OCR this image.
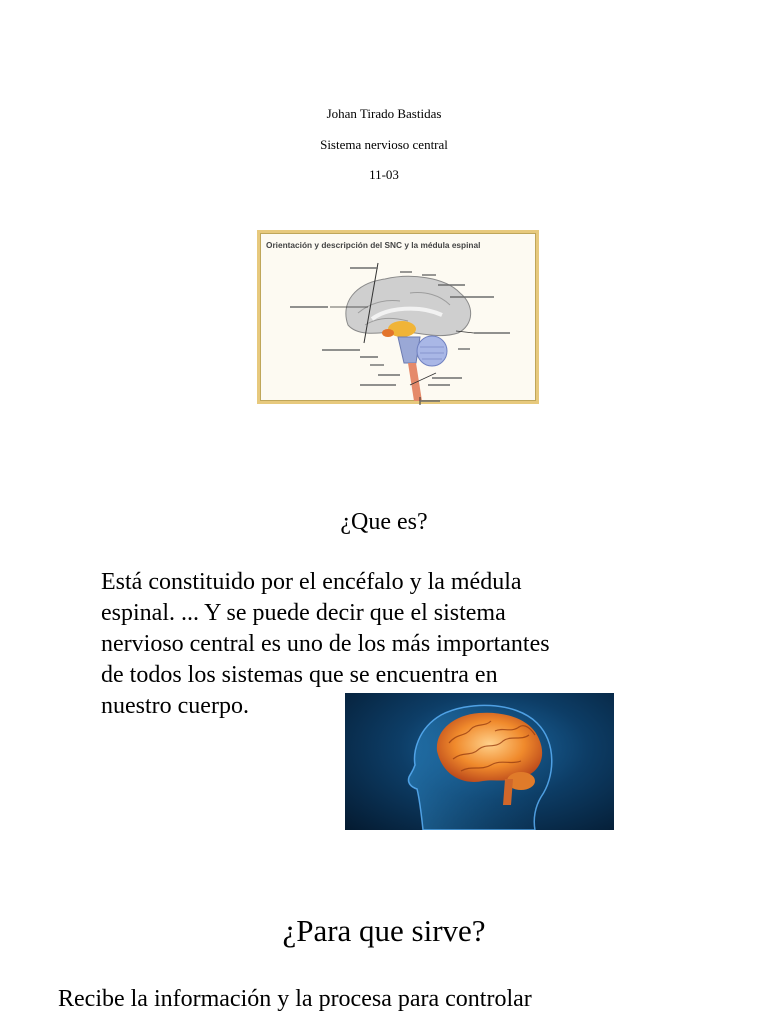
Johan Tirado Bastidas
Sistema nervioso central
11-03
Orientación y descripción del SNC y la médula espinal
¿Que es?
Está constituido por el encéfalo y la médula
espinal. ... Y se puede decir que el sistema
nervioso central es uno de los más importantes
de todos los sistemas que se encuentra en
nuestro cuerpo.
¿Para que sirve?
Recibe la información y la procesa para controlar
